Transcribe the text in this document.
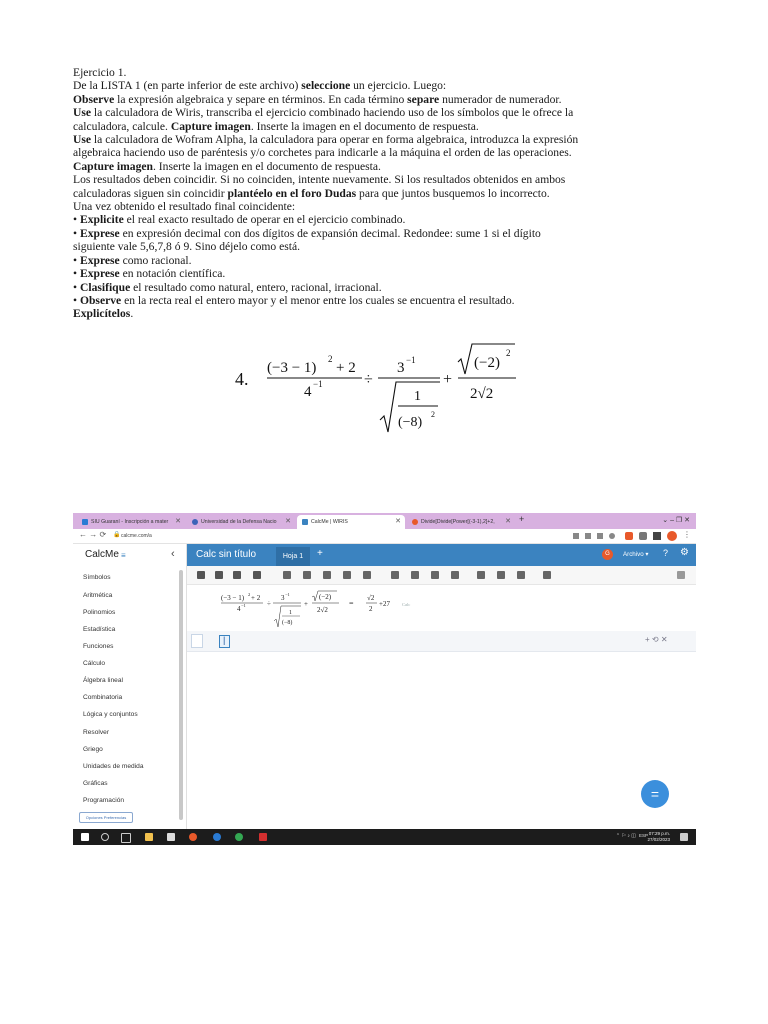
Ejercicio 1.

De la LISTA 1 (en parte inferior de este archivo) seleccione un ejercicio. Luego:

Observe la expresión algebraica y separe en términos. En cada término separe numerador de numerador.

Use la calculadora de Wiris, transcriba el ejercicio combinado haciendo uso de los símbolos que le ofrece la

calculadora, calcule. Capture imagen. Inserte la imagen en el documento de respuesta.

Use la calculadora de Wofram Alpha, la calculadora para operar en forma algebraica, introduzca la expresión

algebraica haciendo uso de paréntesis y/o corchetes para indicarle a la máquina el orden de las operaciones.

Capture imagen. Inserte la imagen en el documento de respuesta.

Los resultados deben coincidir. Si no coinciden, intente nuevamente. Si los resultados obtenidos en ambos

calculadoras siguen sin coincidir plantéelo en el foro Dudas para que juntos busquemos lo incorrecto.

Una vez obtenido el resultado final coincidente:

• Explicite el real exacto resultado de operar en el ejercicio combinado.

• Exprese en expresión decimal con dos dígitos de expansión decimal. Redondee: sume 1 si el dígito

siguiente vale 5,6,7,8 ó 9. Sino déjelo como está.

• Exprese como racional.

• Exprese en notación científica.

• Clasifique el resultado como natural, entero, racional, irracional.

• Observe en la recta real el entero mayor y el menor entre los cuales se encuentra el resultado.

Explicítelos.

4.
(−3 − 1)
2
+ 2
4 −1	÷
3 −1
1
(−8)
2
+
(−2)
2
2√2
SIU Guaraní - Inscripción a mater ✕	Universidad de la Defensa Nacio ✕	CalcMe | WIRIS	✕	Divide[Divide[Power[(-3-1),2]+2, ✕ +	⌄ – ❐ ✕
← → ⟳ 🔒 calcme.com/a	⋮
CalcMe ≡	‹
Símbolos
Aritmética
Polinomios
Estadística
Funciones
Cálculo
Álgebra lineal
Combinatoria
Lógica y conjuntos
Resolver
Griego
Unidades de medida
Gráficas
Programación
Opciones Preferencias
Calc sin título	Hoja 1	+	G	Archivo ▾ ? ⚙
(−3 − 1) 2 + 2
4 −1	÷
3 −1
1
(−8)
+
(−2)
2√2
=
√2
2
+27	Calc
|	+ ⟲ ✕
=
⌃ ⚐ ♪ ◫ ESP 07:29 p.m.
27/02/2023
